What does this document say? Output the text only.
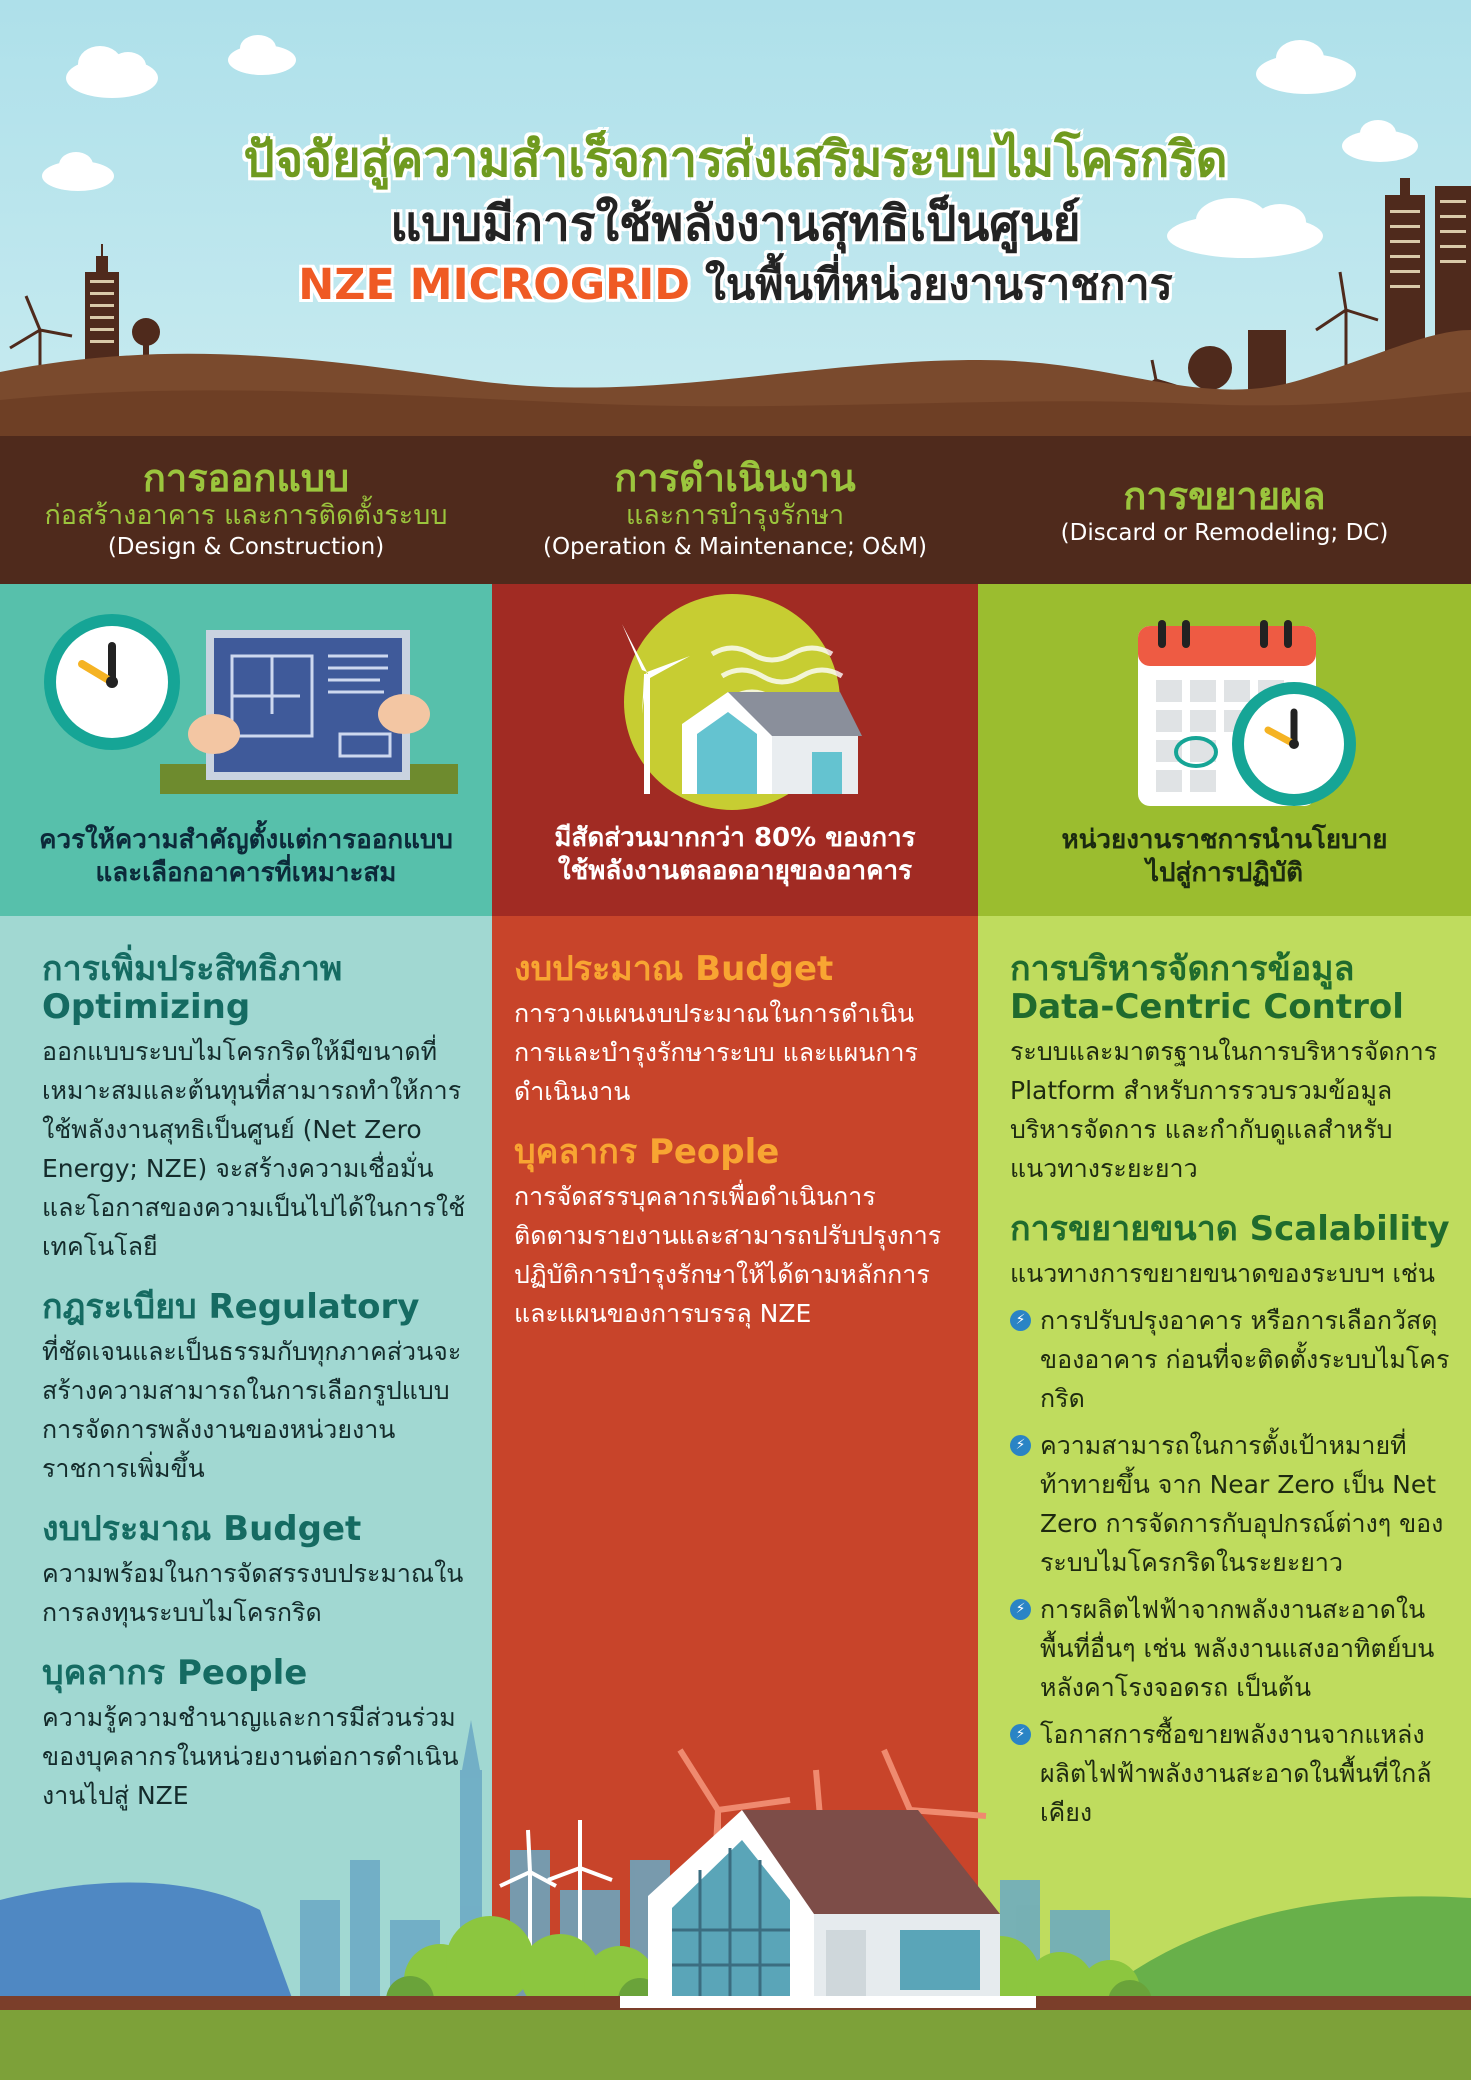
ปัจจัยสู่ความสำเร็จการส่งเสริมระบบไมโครกริด
แบบมีการใช้พลังงานสุทธิเป็นศูนย์
NZE MICROGRID ในพื้นที่หน่วยงานราชการ
การออกแบบ
ก่อสร้างอาคาร และการติดตั้งระบบ
(Design & Construction)
การดำเนินงาน
และการบำรุงรักษา
(Operation & Maintenance; O&M)
การขยายผล
(Discard or Remodeling; DC)
ควรให้ความสำคัญตั้งแต่การออกแบบ
และเลือกอาคารที่เหมาะสม
การเพิ่มประสิทธิภาพ
Optimizing

ออกแบบระบบไมโครกริดให้มีขนาดที่เหมาะสมและต้นทุนที่สามารถทำให้การใช้พลังงานสุทธิเป็นศูนย์ (Net Zero Energy; NZE) จะสร้างความเชื่อมั่นและโอกาสของความเป็นไปได้ในการใช้เทคโนโลยี

กฎระเบียบ Regulatory

ที่ชัดเจนและเป็นธรรมกับทุกภาคส่วนจะสร้างความสามารถในการเลือกรูปแบบการจัดการพลังงานของหน่วยงานราชการเพิ่มขึ้น

งบประมาณ Budget

ความพร้อมในการจัดสรรงบประมาณในการลงทุนระบบไมโครกริด

บุคลากร People

ความรู้ความชำนาญและการมีส่วนร่วมของบุคลากรในหน่วยงานต่อการดำเนินงานไปสู่ NZE

มีสัดส่วนมากกว่า 80% ของการ
ใช้พลังงานตลอดอายุของอาคาร
งบประมาณ Budget

การวางแผนงบประมาณในการดำเนินการและบำรุงรักษาระบบ และแผนการดำเนินงาน

บุคลากร People

การจัดสรรบุคลากรเพื่อดำเนินการติดตามรายงานและสามารถปรับปรุงการปฏิบัติการบำรุงรักษาให้ได้ตามหลักการและแผนของการบรรลุ NZE

หน่วยงานราชการนำนโยบาย
ไปสู่การปฏิบัติ
การบริหารจัดการข้อมูล
Data-Centric Control

ระบบและมาตรฐานในการบริหารจัดการ Platform สำหรับการรวบรวมข้อมูล บริหารจัดการ และกำกับดูแลสำหรับแนวทางระยะยาว

การขยายขนาด Scalability

แนวทางการขยายขนาดของระบบฯ เช่น

⚡ การปรับปรุงอาคาร หรือการเลือกวัสดุของอาคาร ก่อนที่จะติดตั้งระบบไมโครกริด
⚡ ความสามารถในการตั้งเป้าหมายที่ท้าทายขึ้น จาก Near Zero เป็น Net Zero การจัดการกับอุปกรณ์ต่างๆ ของระบบไมโครกริดในระยะยาว
⚡ การผลิตไฟฟ้าจากพลังงานสะอาดในพื้นที่อื่นๆ เช่น พลังงานแสงอาทิตย์บนหลังคาโรงจอดรถ เป็นต้น
⚡ โอกาสการซื้อขายพลังงานจากแหล่งผลิตไฟฟ้าพลังงานสะอาดในพื้นที่ใกล้เคียง
